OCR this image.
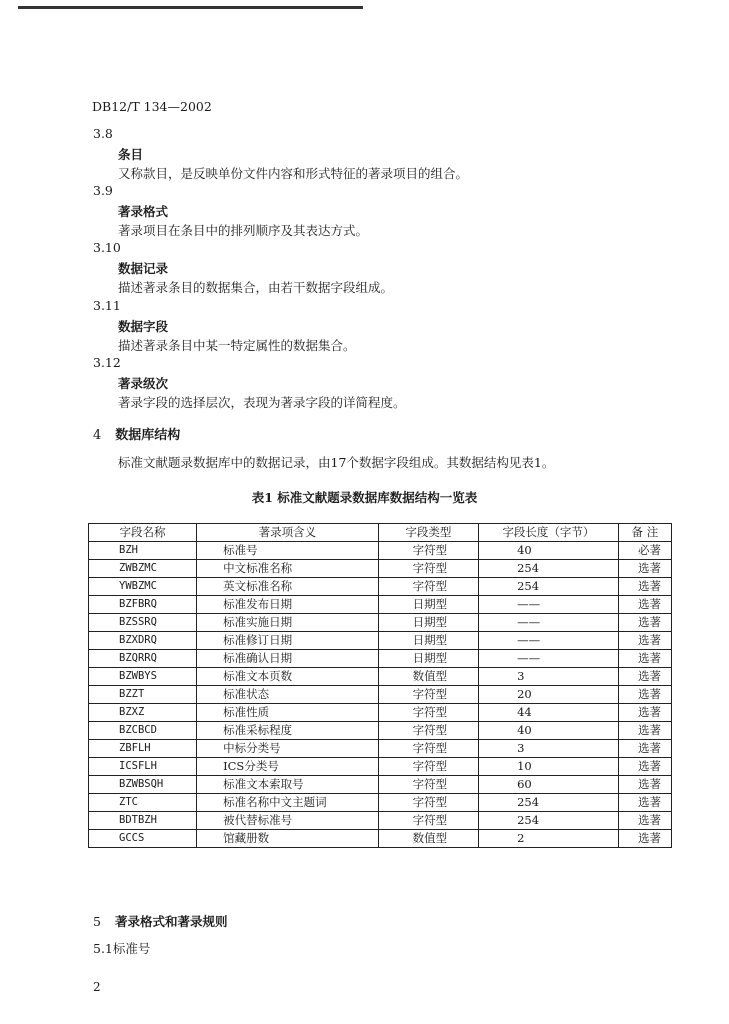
DB12/T 134—2002
3.8
条目
又称款目，是反映单份文件内容和形式特征的著录项目的组合。
3.9
著录格式
著录项目在条目中的排列顺序及其表达方式。
3.10
数据记录
描述著录条目的数据集合，由若干数据字段组成。
3.11
数据字段
描述著录条目中某一特定属性的数据集合。
3.12
著录级次
著录字段的选择层次，表现为著录字段的详简程度。
4 数据库结构
标准文献题录数据库中的数据记录，由17个数据字段组成。其数据结构见表1。
表1 标准文献题录数据库数据结构一览表
字段名称	著录项含义	字段类型	字段长度（字节）	备 注
BZH	标准号	字符型	40	必著
ZWBZMC	中文标准名称	字符型	254	选著
YWBZMC	英文标准名称	字符型	254	选著
BZFBRQ	标准发布日期	日期型	——	选著
BZSSRQ	标准实施日期	日期型	——	选著
BZXDRQ	标准修订日期	日期型	——	选著
BZQRRQ	标准确认日期	日期型	——	选著
BZWBYS	标准文本页数	数值型	3	选著
BZZT	标准状态	字符型	20	选著
BZXZ	标准性质	字符型	44	选著
BZCBCD	标准采标程度	字符型	40	选著
ZBFLH	中标分类号	字符型	3	选著
ICSFLH	ICS分类号	字符型	10	选著
BZWBSQH	标准文本索取号	字符型	60	选著
ZTC	标准名称中文主题词	字符型	254	选著
BDTBZH	被代替标准号	字符型	254	选著
GCCS	馆藏册数	数值型	2	选著
5 著录格式和著录规则
5.1标准号
2
